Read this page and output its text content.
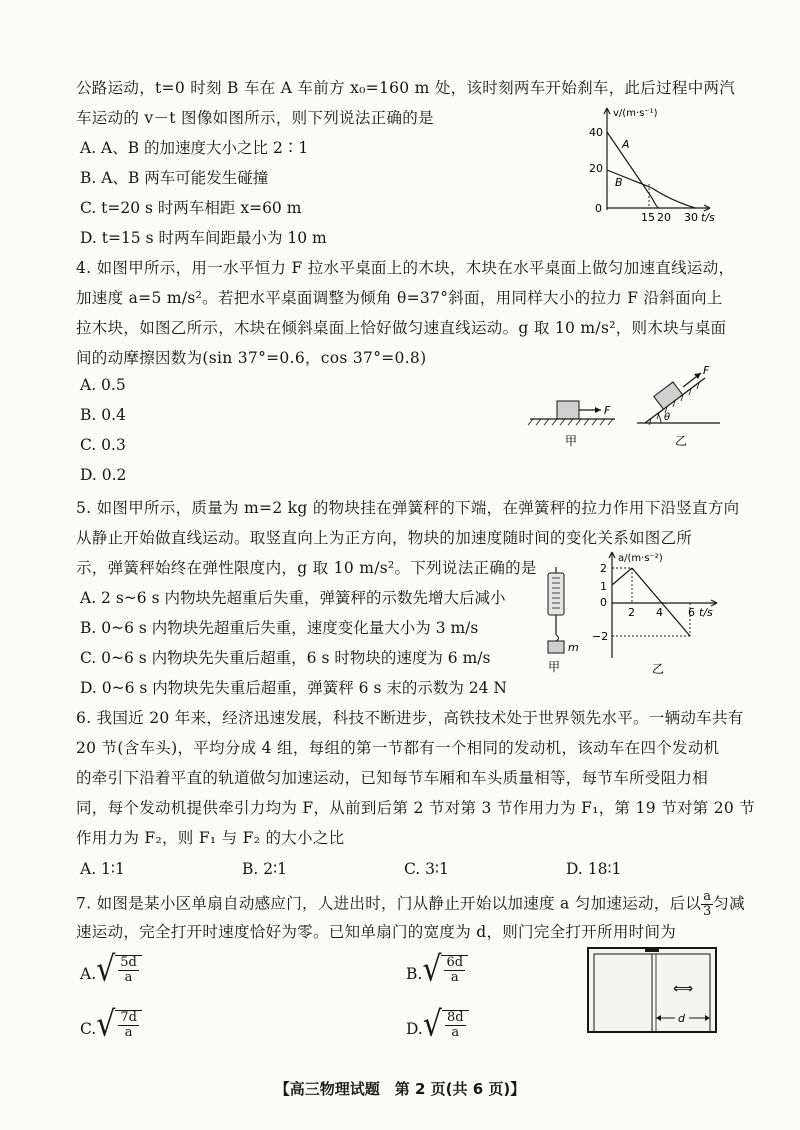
公路运动，t=0 时刻 B 车在 A 车前方 x₀=160 m 处，该时刻两车开始刹车，此后过程中两汽
车运动的 v－t 图像如图所示，则下列说法正确的是
A. A、B 的加速度大小之比 2∶1
B. A、B 两车可能发生碰撞
C. t=20 s 时两车相距 x=60 m
D. t=15 s 时两车间距最小为 10 m
v/(m·s⁻¹)
t/s
0
40
20
A
B
15 20 30
4. 如图甲所示，用一水平恒力 F 拉水平桌面上的木块，木块在水平桌面上做匀加速直线运动，
加速度 a=5 m/s²。若把水平桌面调整为倾角 θ=37°斜面，用同样大小的拉力 F 沿斜面向上
拉木块，如图乙所示，木块在倾斜桌面上恰好做匀速直线运动。g 取 10 m/s²，则木块与桌面
间的动摩擦因数为(sin 37°=0.6，cos 37°=0.8)
A. 0.5
B. 0.4
C. 0.3
D. 0.2
F
甲
F
θ
乙
5. 如图甲所示，质量为 m=2 kg 的物块挂在弹簧秤的下端，在弹簧秤的拉力作用下沿竖直方向
从静止开始做直线运动。取竖直向上为正方向，物块的加速度随时间的变化关系如图乙所
示，弹簧秤始终在弹性限度内，g 取 10 m/s²。下列说法正确的是
A. 2 s~6 s 内物块先超重后失重，弹簧秤的示数先增大后减小
B. 0~6 s 内物块先超重后失重，速度变化量大小为 3 m/s
C. 0~6 s 内物块先失重后超重，6 s 时物块的速度为 6 m/s
D. 0~6 s 内物块先失重后超重，弹簧秤 6 s 末的示数为 24 N
m
甲
a/(m·s⁻²)
t/s
0
2
1
−2
2 4 6
乙
6. 我国近 20 年来，经济迅速发展，科技不断进步，高铁技术处于世界领先水平。一辆动车共有
20 节(含车头)，平均分成 4 组，每组的第一节都有一个相同的发动机，该动车在四个发动机
的牵引下沿着平直的轨道做匀加速运动，已知每节车厢和车头质量相等，每节车所受阻力相
同，每个发动机提供牵引力均为 F，从前到后第 2 节对第 3 节作用力为 F₁，第 19 节对第 20 节
作用力为 F₂，则 F₁ 与 F₂ 的大小之比
A. 1∶1	B. 2∶1	C. 3∶1	D. 18∶1
7. 如图是某小区单扇自动感应门，人进出时，门从静止开始以加速度 a 匀加速运动，后以 $\frac{a}{3}$ 匀减
速运动，完全打开时速度恰好为零。已知单扇门的宽度为 d，则门完全打开所用时间为
A. √ $\frac{5d}{a}$	B. √ $\frac{6d}{a}$
C. √ $\frac{7d}{a}$	D. √ $\frac{8d}{a}$
⟺
d
【高三物理试题　第 2 页(共 6 页)】
